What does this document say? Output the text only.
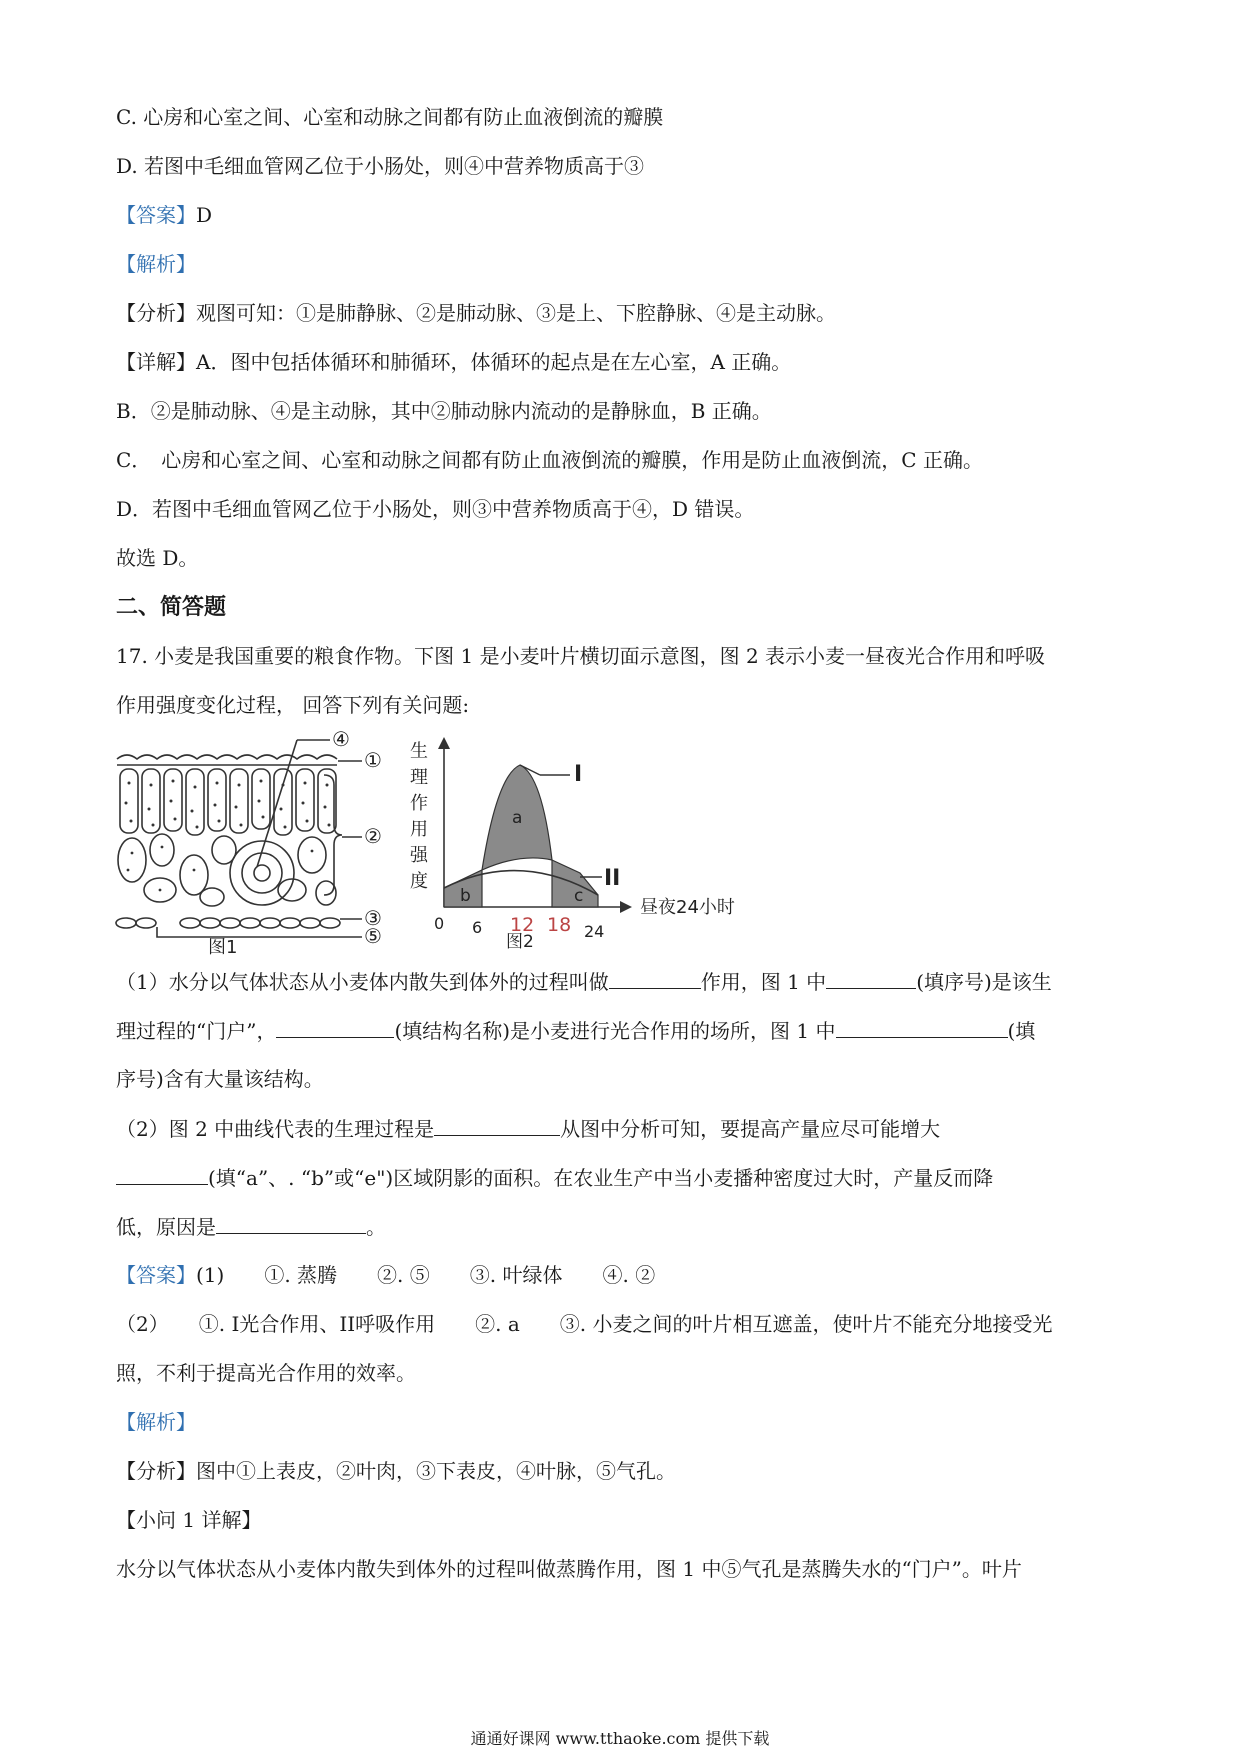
C. 心房和心室之间、心室和动脉之间都有防止血液倒流的瓣膜
D. 若图中毛细血管网乙位于小肠处，则④中营养物质高于③
【答案】D
【解析】
【分析】观图可知：①是肺静脉、②是肺动脉、③是上、下腔静脉、④是主动脉。
【详解】A．图中包括体循环和肺循环，体循环的起点是在左心室，A 正确。
B．②是肺动脉、④是主动脉，其中②肺动脉内流动的是静脉血，B 正确。
C．　心房和心室之间、心室和动脉之间都有防止血液倒流的瓣膜，作用是防止血液倒流，C 正确。
D．若图中毛细血管网乙位于小肠处，则③中营养物质高于④，D 错误。
故选 D。
二、简答题
17. 小麦是我国重要的粮食作物。下图 1 是小麦叶片横切面示意图，图 2 表示小麦一昼夜光合作用和呼吸
作用强度变化过程， 回答下列有关问题:
④
①
②
③
⑤
图1
生
理
作
用
强
度
a
b	c
I
II
昼夜24小时
0 6 12 18 24
图2
（1）水分以气体状态从小麦体内散失到体外的过程叫做	作用，图 1 中	(填序号)是该生
理过程的“门户”，	(填结构名称)是小麦进行光合作用的场所，图 1 中	(填
序号)含有大量该结构。
（2）图 2 中曲线代表的生理过程是	从图中分析可知，要提高产量应尽可能增大
(填“a”、. “b”或“e")区域阴影的面积。在农业生产中当小麦播种密度过大时，产量反而降
低，原因是	。
【答案】(1)　　①. 蒸腾　　②. ⑤　　③. 叶绿体　　④. ②
（2）　　①. I光合作用、II呼吸作用　　②. a　　③. 小麦之间的叶片相互遮盖，使叶片不能充分地接受光
照，不利于提高光合作用的效率。
【解析】
【分析】图中①上表皮，②叶肉，③下表皮，④叶脉，⑤气孔。
【小问 1 详解】
水分以气体状态从小麦体内散失到体外的过程叫做蒸腾作用，图 1 中⑤气孔是蒸腾失水的“门户”。叶片
通通好课网 www.tthaoke.com 提供下载
